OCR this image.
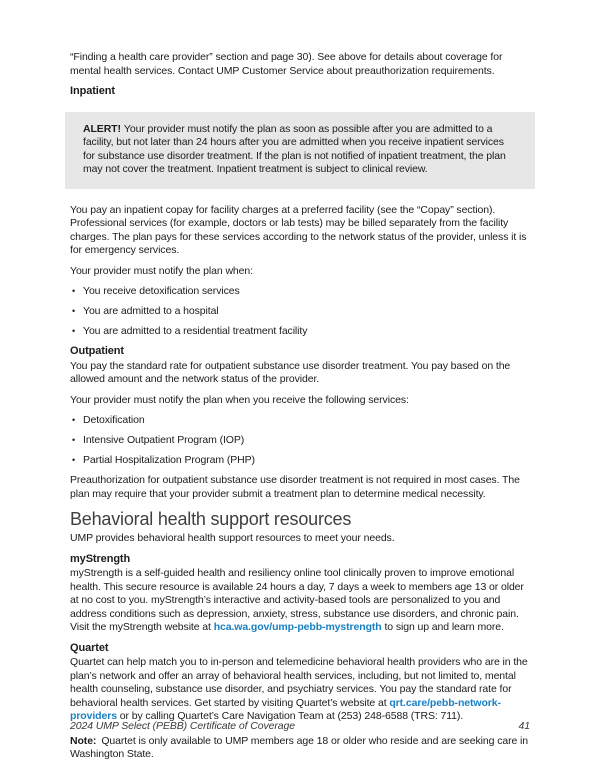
“Finding a health care provider” section and page 30). See above for details about coverage for mental health services. Contact UMP Customer Service about preauthorization requirements.

Inpatient

ALERT! Your provider must notify the plan as soon as possible after you are admitted to a facility, but not later than 24 hours after you are admitted when you receive inpatient services for substance use disorder treatment. If the plan is not notified of inpatient treatment, the plan may not cover the treatment. Inpatient treatment is subject to clinical review.

You pay an inpatient copay for facility charges at a preferred facility (see the “Copay” section). Professional services (for example, doctors or lab tests) may be billed separately from the facility charges. The plan pays for these services according to the network status of the provider, unless it is for emergency services.

Your provider must notify the plan when:

• You receive detoxification services
• You are admitted to a hospital
• You are admitted to a residential treatment facility

Outpatient

You pay the standard rate for outpatient substance use disorder treatment. You pay based on the allowed amount and the network status of the provider.

Your provider must notify the plan when you receive the following services:

• Detoxification
• Intensive Outpatient Program (IOP)
• Partial Hospitalization Program (PHP)

Preauthorization for outpatient substance use disorder treatment is not required in most cases. The plan may require that your provider submit a treatment plan to determine medical necessity.

Behavioral health support resources

UMP provides behavioral health support resources to meet your needs.

myStrength

myStrength is a self-guided health and resiliency online tool clinically proven to improve emotional health. This secure resource is available 24 hours a day, 7 days a week to members age 13 or older at no cost to you. myStrength’s interactive and activity-based tools are personalized to you and address conditions such as depression, anxiety, stress, substance use disorders, and chronic pain. Visit the myStrength website at hca.wa.gov/ump-pebb-mystrength to sign up and learn more.

Quartet

Quartet can help match you to in-person and telemedicine behavioral health providers who are in the plan’s network and offer an array of behavioral health services, including, but not limited to, mental health counseling, substance use disorder, and psychiatry services. You pay the standard rate for behavioral health services. Get started by visiting Quartet’s website at qrt.care/pebb-network-providers or by calling Quartet’s Care Navigation Team at (253) 248-6588 (TRS: 711).

Note: Quartet is only available to UMP members age 18 or older who reside and are seeking care in Washington State.

2024 UMP Select (PEBB) Certificate of Coverage	41
